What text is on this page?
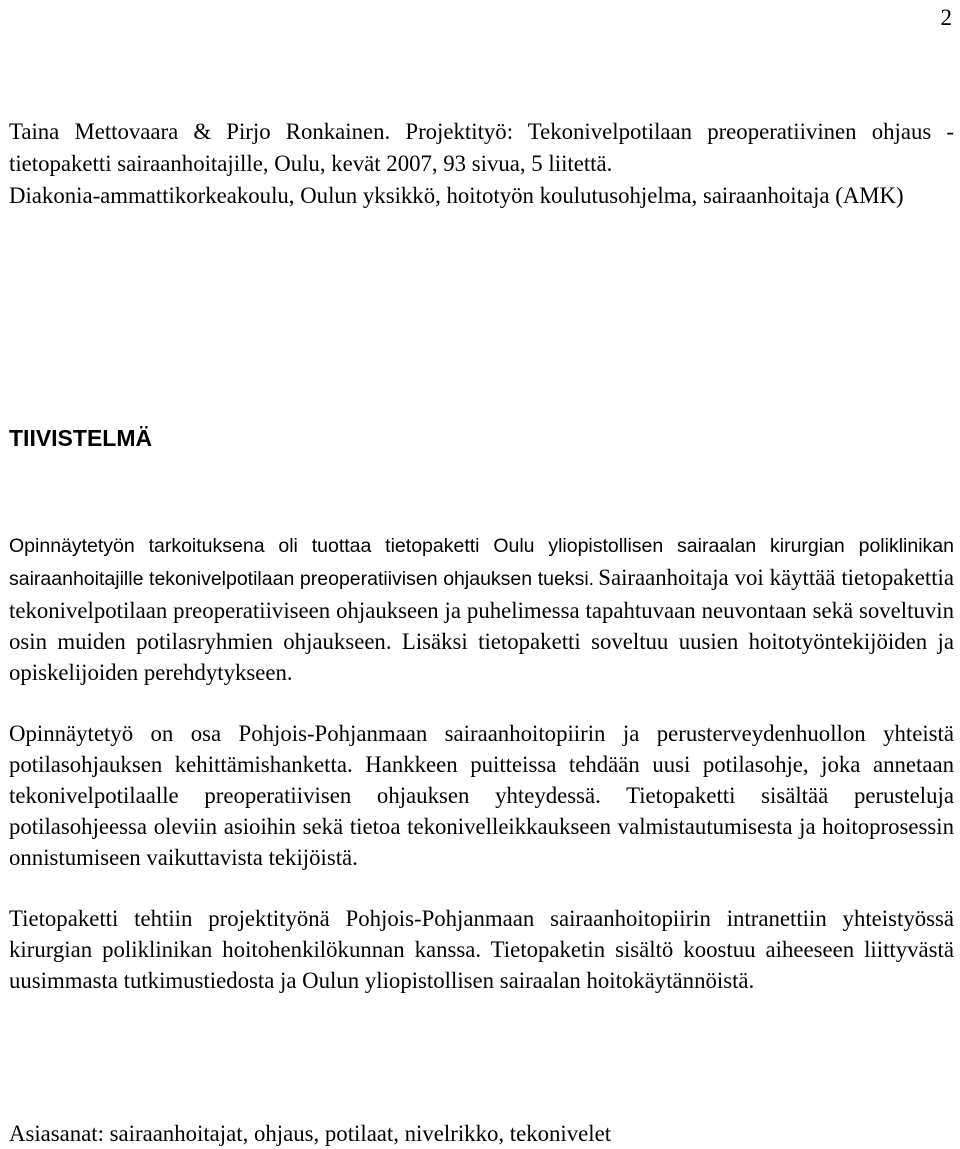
2

Taina Mettovaara & Pirjo Ronkainen. Projektityö: Tekonivelpotilaan preoperatiivinen ohjaus -tietopaketti sairaanhoitajille, Oulu, kevät 2007, 93 sivua, 5 liitettä.

Diakonia-ammattikorkeakoulu, Oulun yksikkö, hoitotyön koulutusohjelma, sairaanhoitaja (AMK)

TIIVISTELMÄ

Opinnäytetyön tarkoituksena oli tuottaa tietopaketti Oulu yliopistollisen sairaalan kirurgian poliklinikan sairaanhoitajille tekonivelpotilaan preoperatiivisen ohjauksen tueksi. Sairaanhoitaja voi käyttää tietopakettia tekonivelpotilaan preoperatiiviseen ohjaukseen ja puhelimessa tapahtuvaan neuvontaan sekä soveltuvin osin muiden potilasryhmien ohjaukseen. Lisäksi tietopaketti soveltuu uusien hoitotyöntekijöiden ja opiskelijoiden perehdytykseen.

Opinnäytetyö on osa Pohjois-Pohjanmaan sairaanhoitopiirin ja perusterveydenhuollon yhteistä potilasohjauksen kehittämishanketta. Hankkeen puitteissa tehdään uusi potilasohje, joka annetaan tekonivelpotilaalle preoperatiivisen ohjauksen yhteydessä. Tietopaketti sisältää perusteluja potilasohjeessa oleviin asioihin sekä tietoa tekonivelleikkaukseen valmistautumisesta ja hoitoprosessin onnistumiseen vaikuttavista tekijöistä.

Tietopaketti tehtiin projektityönä Pohjois-Pohjanmaan sairaanhoitopiirin intranettiin yhteistyössä kirurgian poliklinikan hoitohenkilökunnan kanssa. Tietopaketin sisältö koostuu aiheeseen liittyvästä uusimmasta tutkimustiedosta ja Oulun yliopistollisen sairaalan hoitokäytännöistä.

Asiasanat: sairaanhoitajat, ohjaus, potilaat, nivelrikko, tekonivelet
